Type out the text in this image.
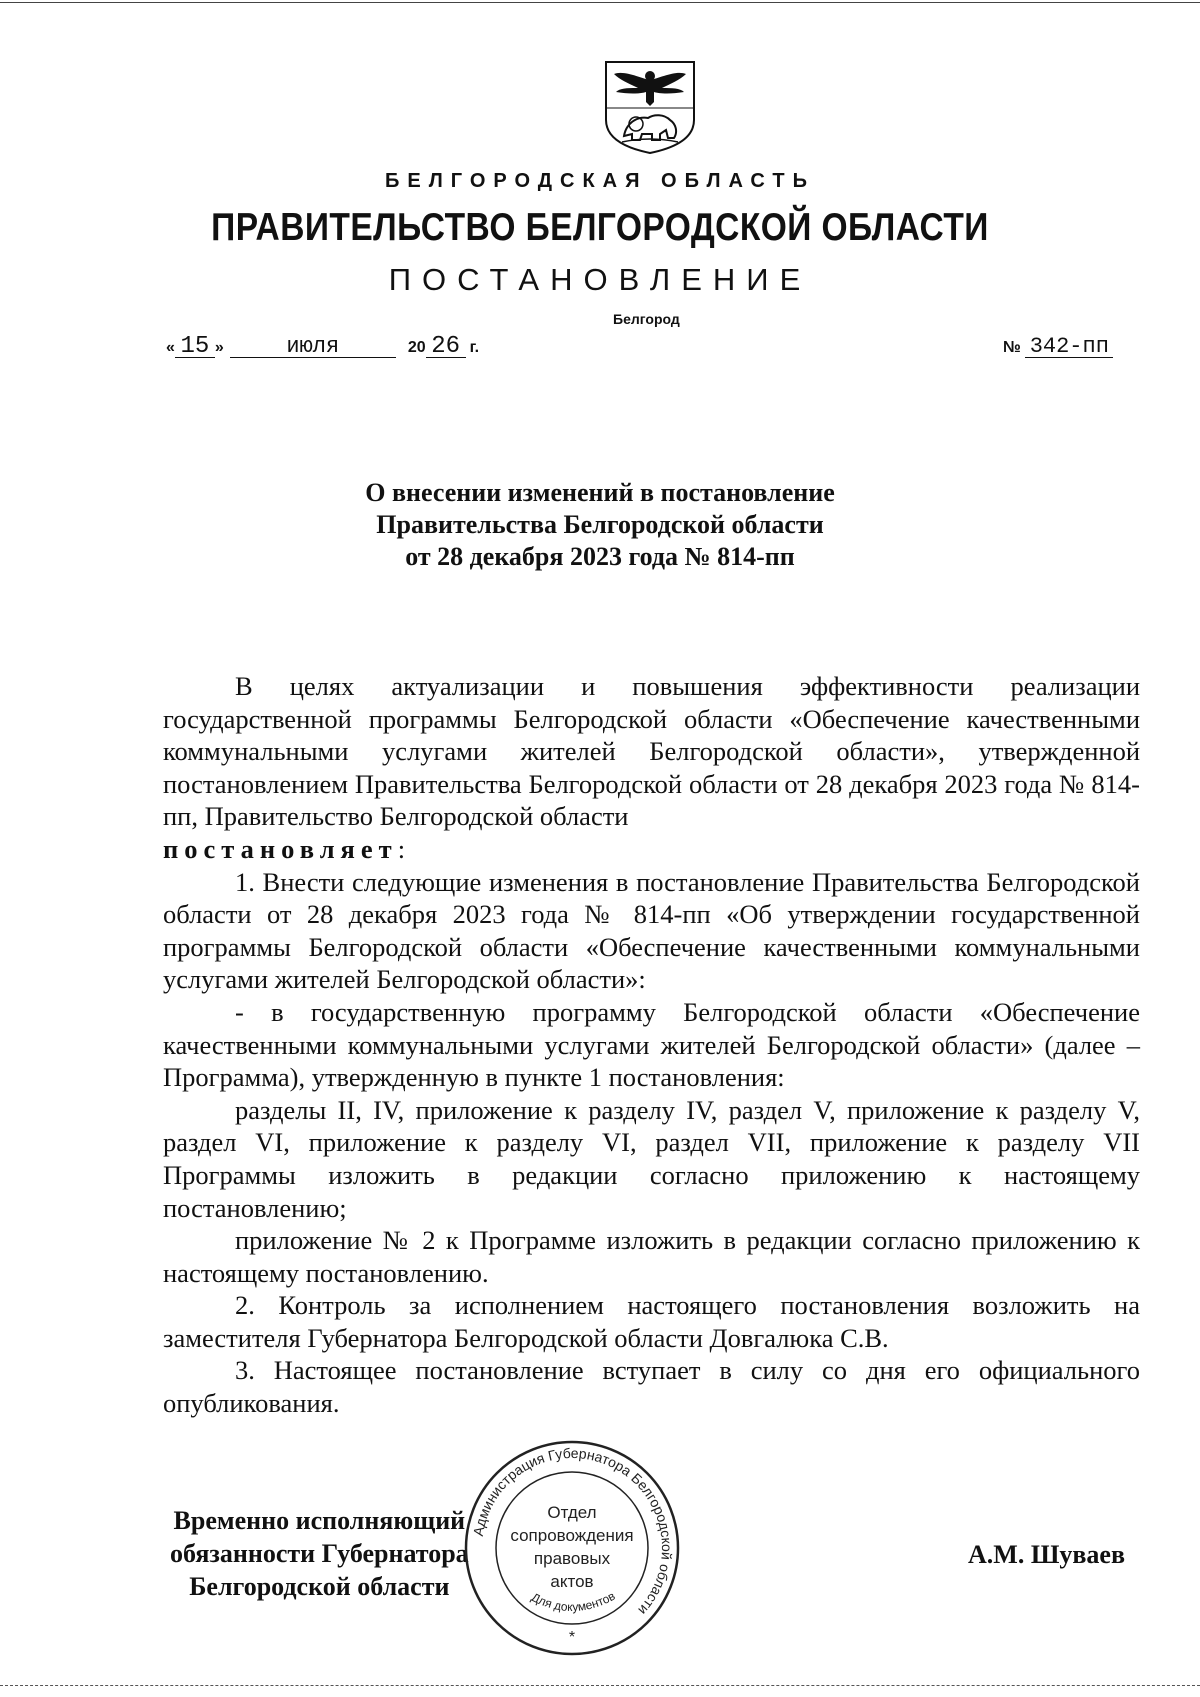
БЕЛГОРОДСКАЯ ОБЛАСТЬ
ПРАВИТЕЛЬСТВО БЕЛГОРОДСКОЙ ОБЛАСТИ
ПОСТАНОВЛЕНИЕ
Белгород
« 15 »	июля	20 26 г.	№ 342-пп
О внесении изменений в постановление
Правительства Белгородской области
от 28 декабря 2023 года № 814-пп

В целях актуализации и повышения эффективности реализации государственной программы Белгородской области «Обеспечение качественными коммунальными услугами жителей Белгородской области», утвержденной постановлением Правительства Белгородской области от 28 декабря 2023 года № 814-пп, Правительство Белгородской области

постановляет:

1. Внести следующие изменения в постановление Правительства Белгородской области от 28 декабря 2023 года № 814-пп «Об утверждении государственной программы Белгородской области «Обеспечение качественными коммунальными услугами жителей Белгородской области»:

- в государственную программу Белгородской области «Обеспечение качественными коммунальными услугами жителей Белгородской области» (далее – Программа), утвержденную в пункте 1 постановления:

разделы II, IV, приложение к разделу IV, раздел V, приложение к разделу V, раздел VI, приложение к разделу VI, раздел VII, приложение к разделу VII Программы изложить в редакции согласно приложению к настоящему постановлению;

приложение № 2 к Программе изложить в редакции согласно приложению к настоящему постановлению.

2. Контроль за исполнением настоящего постановления возложить на заместителя Губернатора Белгородской области Довгалюка С.В.

3. Настоящее постановление вступает в силу со дня его официального опубликования.

Временно исполняющий
обязанности Губернатора
Белгородской области
Администрация Губернатора Белгородской области
Отдел
сопровождения
правовых
актов
Для документов
*
А.М. Шуваев
